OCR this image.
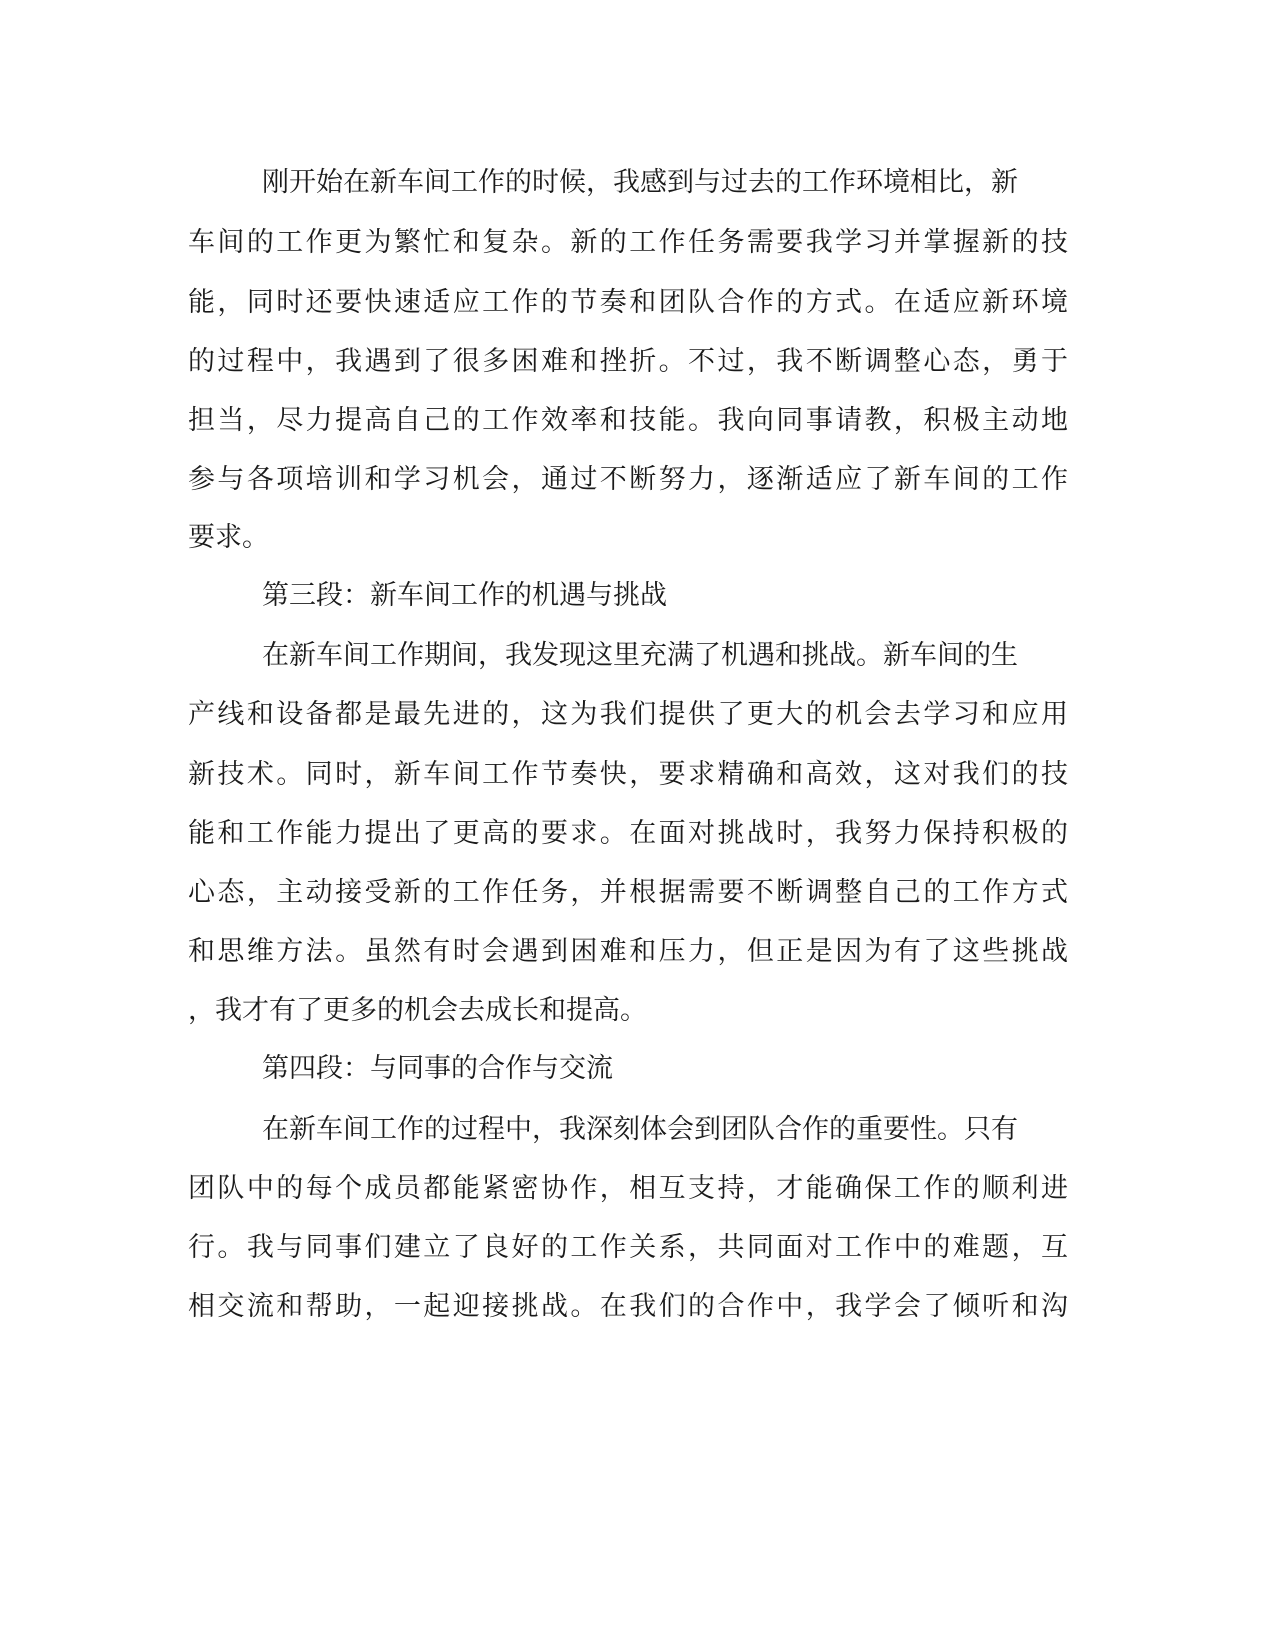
刚开始在新车间工作的时候，我感到与过去的工作环境相比，新
车间的工作更为繁忙和复杂。新的工作任务需要我学习并掌握新的技
能，同时还要快速适应工作的节奏和团队合作的方式。在适应新环境
的过程中，我遇到了很多困难和挫折。不过，我不断调整心态，勇于
担当，尽力提高自己的工作效率和技能。我向同事请教，积极主动地
参与各项培训和学习机会，通过不断努力，逐渐适应了新车间的工作
要求。
第三段：新车间工作的机遇与挑战
在新车间工作期间，我发现这里充满了机遇和挑战。新车间的生
产线和设备都是最先进的，这为我们提供了更大的机会去学习和应用
新技术。同时，新车间工作节奏快，要求精确和高效，这对我们的技
能和工作能力提出了更高的要求。在面对挑战时，我努力保持积极的
心态，主动接受新的工作任务，并根据需要不断调整自己的工作方式
和思维方法。虽然有时会遇到困难和压力，但正是因为有了这些挑战
，我才有了更多的机会去成长和提高。
第四段：与同事的合作与交流
在新车间工作的过程中，我深刻体会到团队合作的重要性。只有
团队中的每个成员都能紧密协作，相互支持，才能确保工作的顺利进
行。我与同事们建立了良好的工作关系，共同面对工作中的难题，互
相交流和帮助，一起迎接挑战。在我们的合作中，我学会了倾听和沟
